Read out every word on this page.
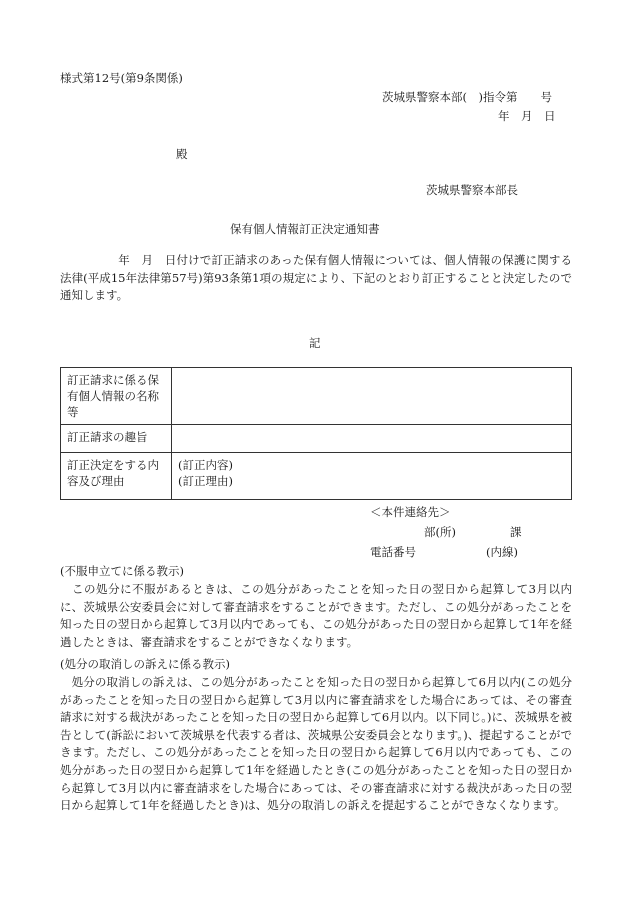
様式第12号(第9条関係)
茨城県警察本部(　)指令第　　号
年　月　日
殿
茨城県警察本部長
保有個人情報訂正決定通知書
　　　　　年　月　日付けで訂正請求のあった保有個人情報については、個人情報の保護に関する法律(平成15年法律第57号)第93条第1項の規定により、下記のとおり訂正することと決定したので通知します。
記
訂正請求に係る保有個人情報の名称等	
訂正請求の趣旨	
訂正決定をする内容及び理由	(訂正内容)
(訂正理由)
＜本件連絡先＞
部(所)	課
電話番号	(内線)
(不服申立てに係る教示)
　この処分に不服があるときは、この処分があったことを知った日の翌日から起算して3月以内に、茨城県公安委員会に対して審査請求をすることができます。ただし、この処分があったことを知った日の翌日から起算して3月以内であっても、この処分があった日の翌日から起算して1年を経過したときは、審査請求をすることができなくなります。
(処分の取消しの訴えに係る教示)
　処分の取消しの訴えは、この処分があったことを知った日の翌日から起算して6月以内(この処分があったことを知った日の翌日から起算して3月以内に審査請求をした場合にあっては、その審査請求に対する裁決があったことを知った日の翌日から起算して6月以内。以下同じ。)に、茨城県を被告として(訴訟において茨城県を代表する者は、茨城県公安委員会となります。)、提起することができます。ただし、この処分があったことを知った日の翌日から起算して6月以内であっても、この処分があった日の翌日から起算して1年を経過したとき(この処分があったことを知った日の翌日から起算して3月以内に審査請求をした場合にあっては、その審査請求に対する裁決があった日の翌日から起算して1年を経過したとき)は、処分の取消しの訴えを提起することができなくなります。
